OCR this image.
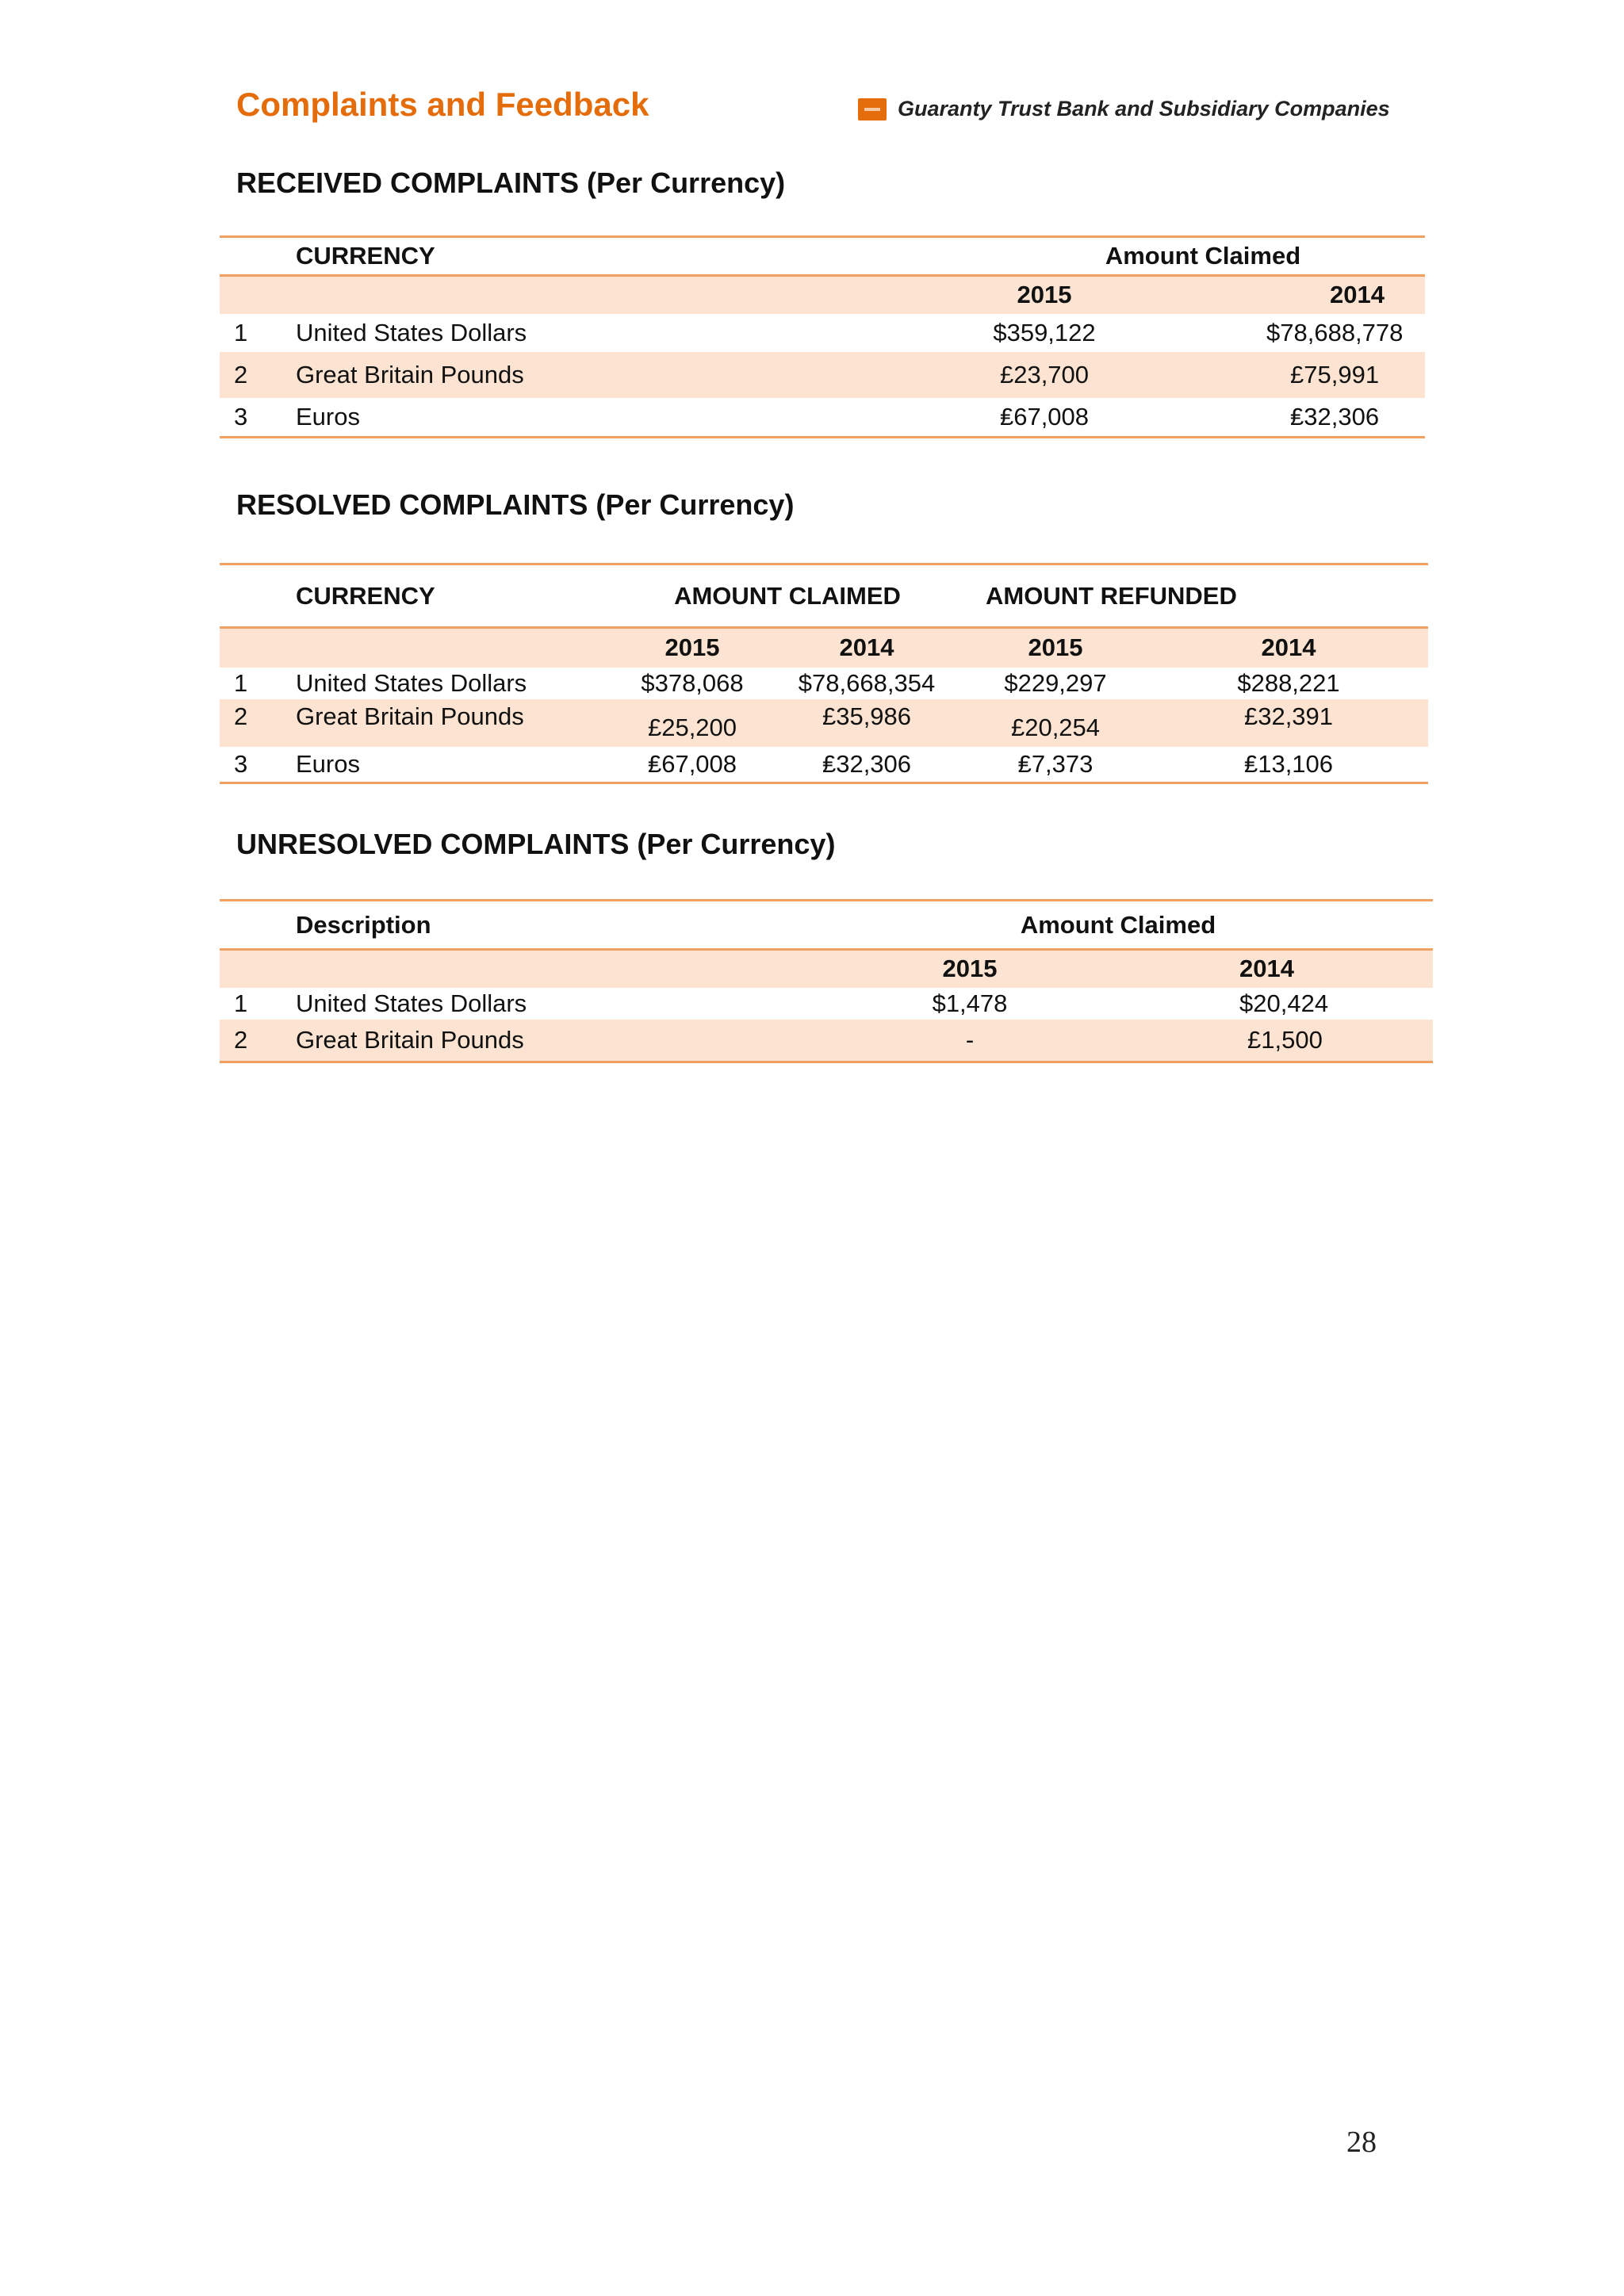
Complaints and Feedback	Guaranty Trust Bank and Subsidiary Companies
RECEIVED COMPLAINTS (Per Currency)
	CURRENCY	Amount Claimed	
		2015	2014
1	United States Dollars	$359,122	$78,688,778
2	Great Britain Pounds	£23,700	£75,991
3	Euros	₤67,008	₤32,306
RESOLVED COMPLAINTS (Per Currency)
	CURRENCY	AMOUNT CLAIMED		AMOUNT REFUNDED	
		2015	2014	2015	2014
1	United States Dollars	$378,068	$78,668,354	$229,297	$288,221
2	Great Britain Pounds	£25,200	£35,986	£20,254	£32,391
3	Euros	₤67,008	₤32,306	₤7,373	₤13,106
UNRESOLVED COMPLAINTS (Per Currency)
	Description	Amount Claimed	
		2015	2014
1	United States Dollars	$1,478	$20,424
2	Great Britain Pounds	-	£1,500
28
